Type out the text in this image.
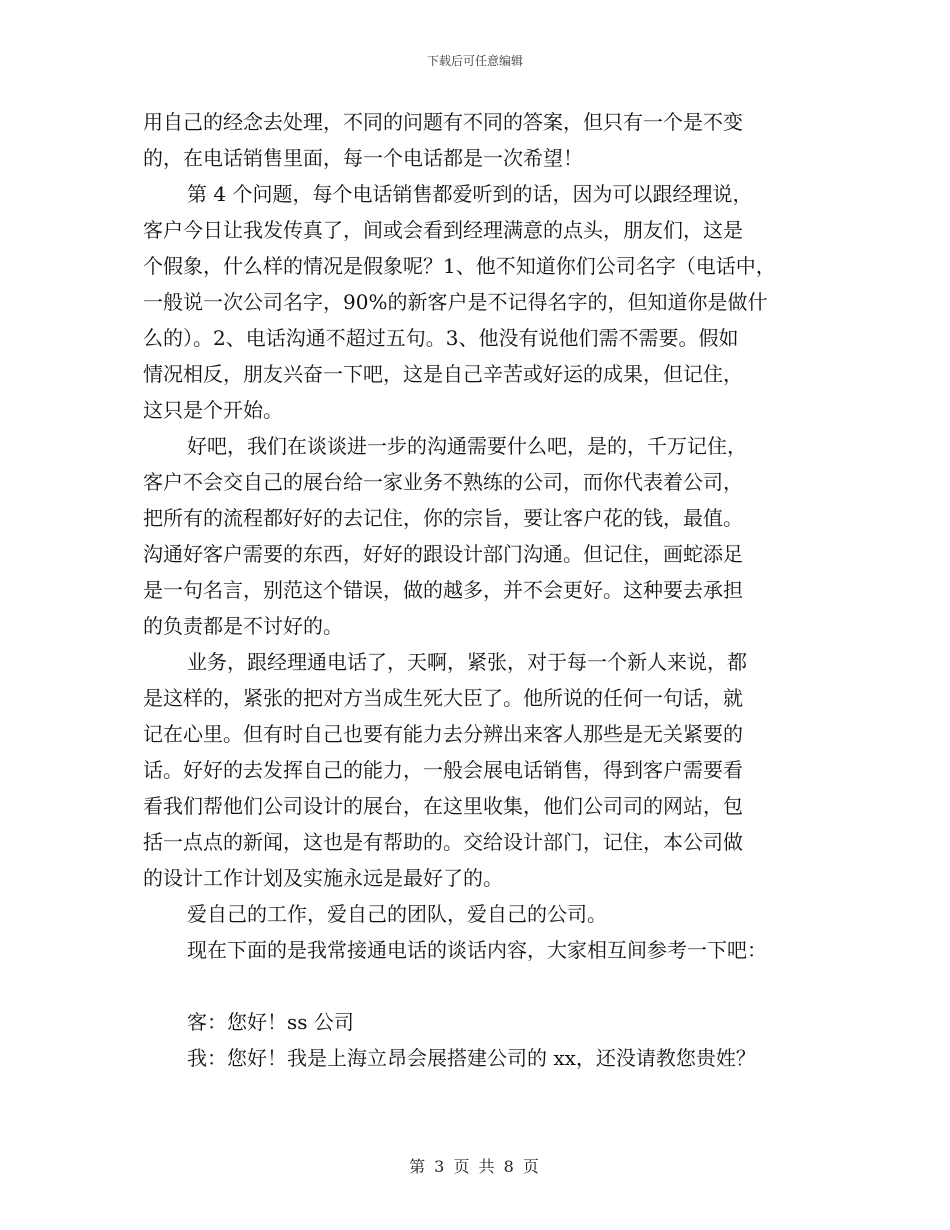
下载后可任意编辑
用自己的经念去处理，不同的问题有不同的答案，但只有一个是不变
的，在电话销售里面，每一个电话都是一次希望！
第 4 个问题，每个电话销售都爱听到的话，因为可以跟经理说，
客户今日让我发传真了，间或会看到经理满意的点头，朋友们，这是
个假象，什么样的情况是假象呢？1、他不知道你们公司名字（电话中，
一般说一次公司名字，90%的新客户是不记得名字的，但知道你是做什
么的）。2、电话沟通不超过五句。3、他没有说他们需不需要。假如
情况相反，朋友兴奋一下吧，这是自己辛苦或好运的成果，但记住，
这只是个开始。
好吧，我们在谈谈进一步的沟通需要什么吧，是的，千万记住，
客户不会交自己的展台给一家业务不熟练的公司，而你代表着公司，
把所有的流程都好好的去记住，你的宗旨，要让客户花的钱，最值。
沟通好客户需要的东西，好好的跟设计部门沟通。但记住，画蛇添足
是一句名言，别范这个错误，做的越多，并不会更好。这种要去承担
的负责都是不讨好的。
业务，跟经理通电话了，天啊，紧张，对于每一个新人来说，都
是这样的，紧张的把对方当成生死大臣了。他所说的任何一句话，就
记在心里。但有时自己也要有能力去分辨出来客人那些是无关紧要的
话。好好的去发挥自己的能力，一般会展电话销售，得到客户需要看
看我们帮他们公司设计的展台，在这里收集，他们公司司的网站，包
括一点点的新闻，这也是有帮助的。交给设计部门，记住，本公司做
的设计工作计划及实施永远是最好了的。
爱自己的工作，爱自己的团队，爱自己的公司。
现在下面的是我常接通电话的谈话内容，大家相互间参考一下吧：
客：您好！ss 公司
我：您好！我是上海立昂会展搭建公司的 xx，还没请教您贵姓？
第 3 页 共 8 页
